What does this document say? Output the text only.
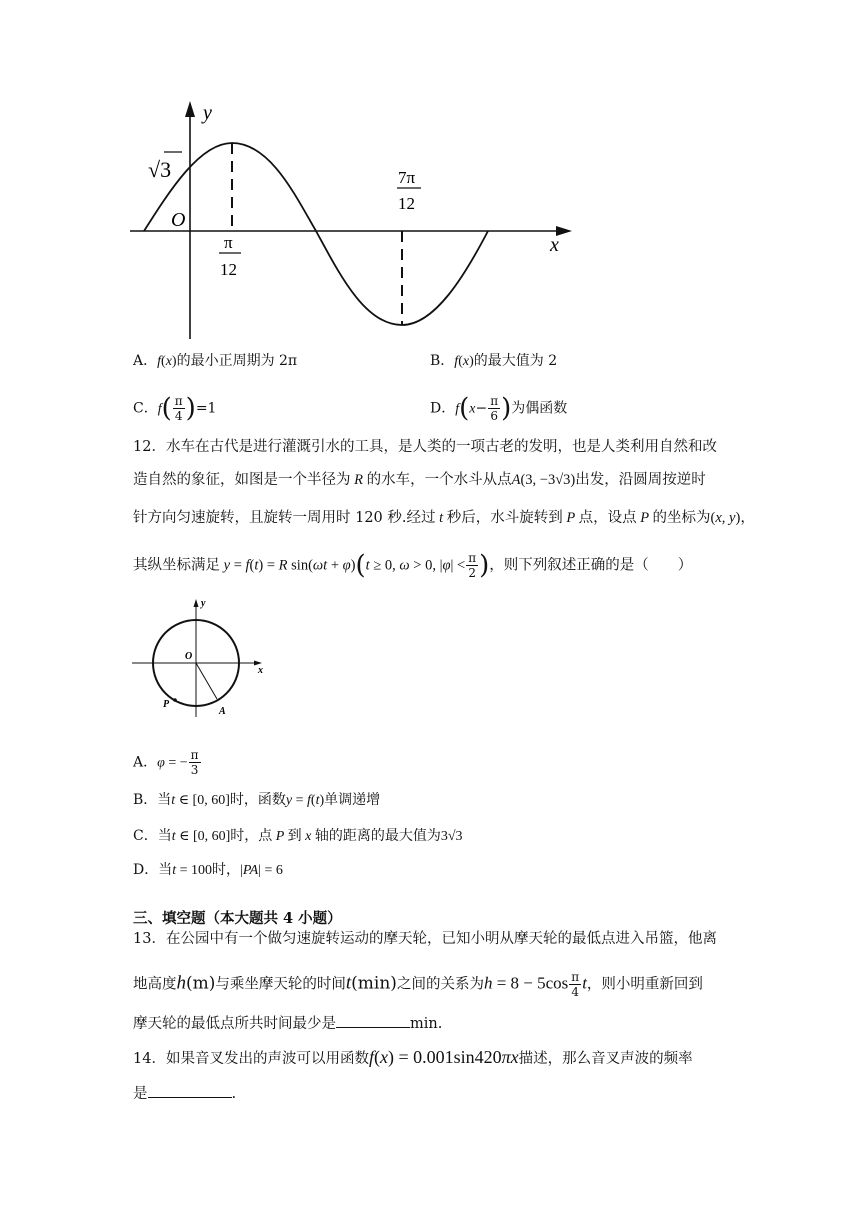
y
x
O
√3
π
12
7π
12
A．f(x)的最小正周期为 2π	B．f(x)的最大值为 2
C．$f( \frac{\pi}{4} )=1$	D．$f(x- \frac{\pi}{6}$ )为偶函数
12．水车在古代是进行灌溉引水的工具，是人类的一项古老的发明，也是人类利用自然和改
造自然的象征，如图是一个半径为 R 的水车，一个水斗从点A(3, −3√3)出发，沿圆周按逆时
针方向匀速旋转，且旋转一周用时 120 秒.经过 t 秒后，水斗旋转到 P 点，设点 P 的坐标为(x, y)，
其纵坐标满足 y = f(t) = R sin(ωt + φ)(t ≥ 0, ω > 0, $|\varphi| < \frac{\pi}{2}$ )，则下列叙述正确的是（　　）
y
x
O
P
A
A．φ = − $\frac{\pi}{3}$
B．当t ∈ [0, 60]时，函数y = f(t)单调递增
C．当t ∈ [0, 60]时，点 P 到 x 轴的距离的最大值为3√3
D．当t = 100时，|PA| = 6
三、填空题（本大题共 4 小题）
13．在公园中有一个做匀速旋转运动的摩天轮，已知小明从摩天轮的最低点进入吊篮，他离
地高度h(m)与乘坐摩天轮的时间t(min)之间的关系为$h = 8 - 5\cos \frac{\pi}{4}$ t，则小明重新回到
摩天轮的最低点所共时间最少是	min.
14．如果音叉发出的声波可以用函数f(x) = 0.001sin420πx描述，那么音叉声波的频率
是	.
